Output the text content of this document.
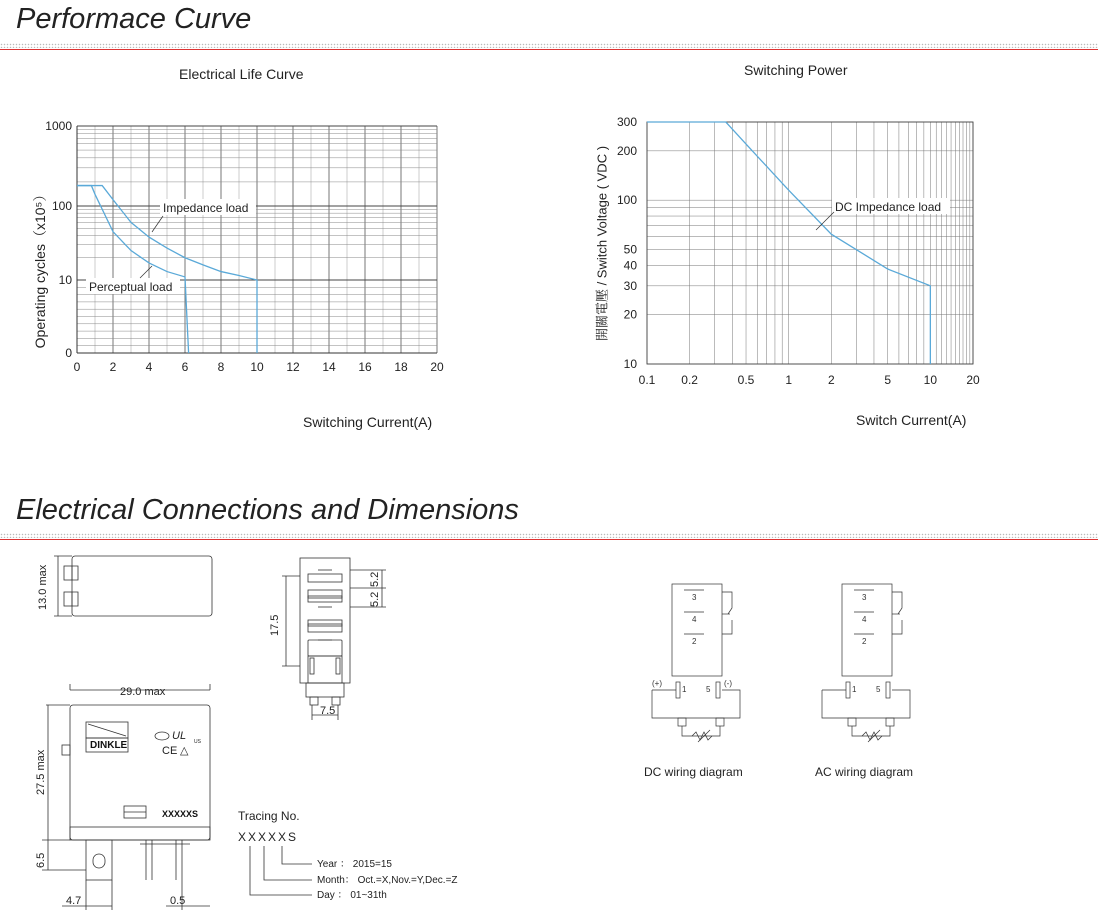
Performace Curve
Electrical Life Curve
0 2 4 6 8 10 12 14 16 18 20
0
10
100
1000
Impedance load
Perceptual load
Operating cycles（x10⁵）
Switching Current(A)
Switching Power
0.1 0.2	0.5	1	2	5	10 20
10
20
30
40
50
100
200
300
DC Impedance load
開關電壓 / Switch Voltage ( VDC )
Switch Current(A)
Electrical Connections and Dimensions
13.0 max
29.0 max
DINKLE
UL US
CE △
XXXXXS
27.5 max
6.5
4.7	0.5
17.5
5.2
5.2
7.5
Tracing No.
XXXXXS
Year ： 2015=15
Month： Oct.=X,Nov.=Y,Dec.=Z
Day ： 01~31th
3
4
2
1 5
(+)	(-)
3
4
2
1 5
DC wiring diagram	AC wiring diagram
